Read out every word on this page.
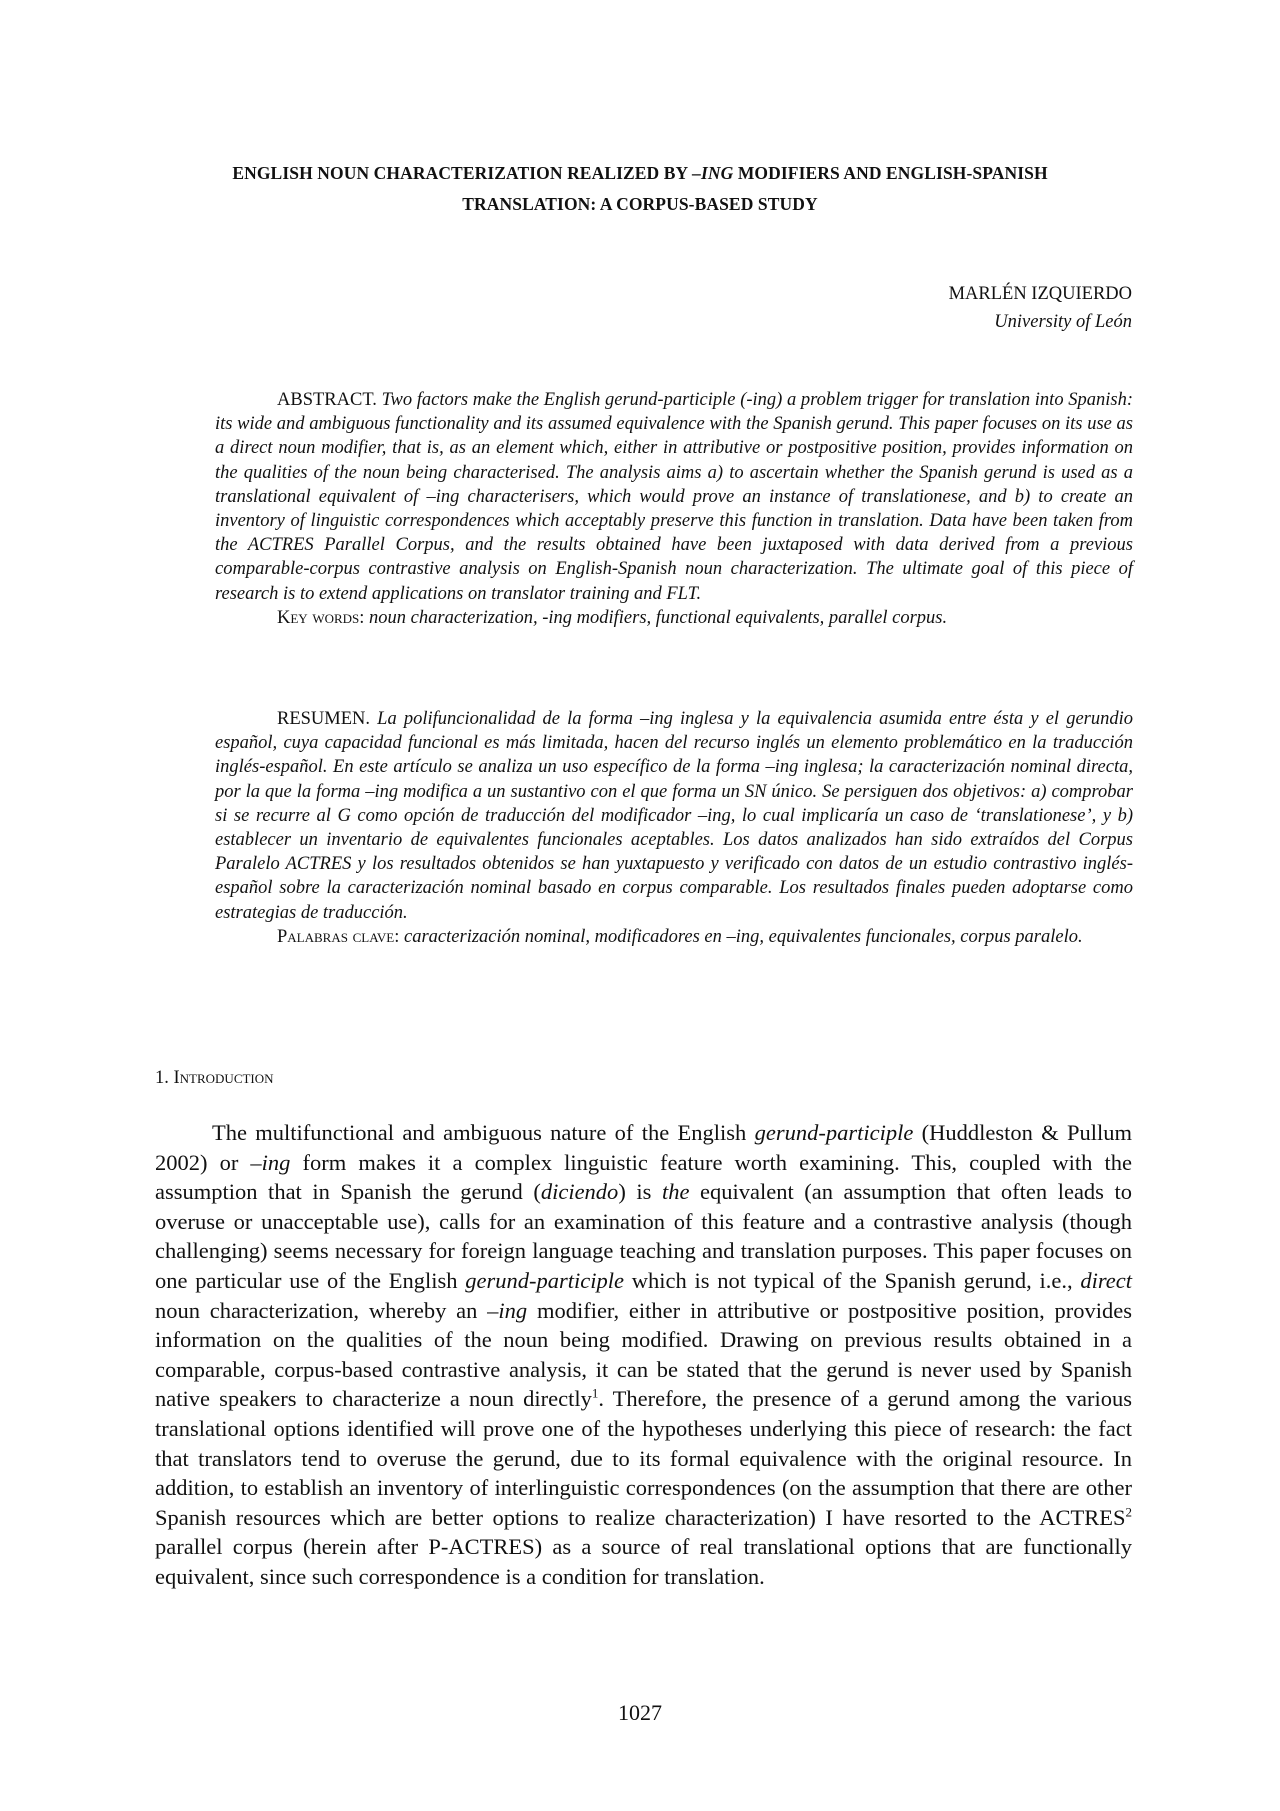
ENGLISH NOUN CHARACTERIZATION REALIZED BY –ING MODIFIERS AND ENGLISH-SPANISH
TRANSLATION: A CORPUS-BASED STUDY
MARLÉN IZQUIERDO
University of León

ABSTRACT. Two factors make the English gerund-participle (-ing) a problem trigger for translation into Spanish: its wide and ambiguous functionality and its assumed equivalence with the Spanish gerund. This paper focuses on its use as a direct noun modifier, that is, as an element which, either in attributive or postpositive position, provides information on the qualities of the noun being characterised. The analysis aims a) to ascertain whether the Spanish gerund is used as a translational equivalent of –ing characterisers, which would prove an instance of translationese, and b) to create an inventory of linguistic correspondences which acceptably preserve this function in translation. Data have been taken from the ACTRES Parallel Corpus, and the results obtained have been juxtaposed with data derived from a previous comparable-corpus contrastive analysis on English-Spanish noun characterization. The ultimate goal of this piece of research is to extend applications on translator training and FLT.

Key words: noun characterization, -ing modifiers, functional equivalents, parallel corpus.

RESUMEN. La polifuncionalidad de la forma –ing inglesa y la equivalencia asumida entre ésta y el gerundio español, cuya capacidad funcional es más limitada, hacen del recurso inglés un elemento problemático en la traducción inglés-español. En este artículo se analiza un uso específico de la forma –ing inglesa; la caracterización nominal directa, por la que la forma –ing modifica a un sustantivo con el que forma un SN único. Se persiguen dos objetivos: a) comprobar si se recurre al G como opción de traducción del modificador –ing, lo cual implicaría un caso de ‘translationese’, y b) establecer un inventario de equivalentes funcionales aceptables. Los datos analizados han sido extraídos del Corpus Paralelo ACTRES y los resultados obtenidos se han yuxtapuesto y verificado con datos de un estudio contrastivo inglés-español sobre la caracterización nominal basado en corpus comparable. Los resultados finales pueden adoptarse como estrategias de traducción.

Palabras clave: caracterización nominal, modificadores en –ing, equivalentes funcionales, corpus paralelo.

1. Introduction

The multifunctional and ambiguous nature of the English gerund-participle (Huddleston & Pullum 2002) or –ing form makes it a complex linguistic feature worth examining. This, coupled with the assumption that in Spanish the gerund (diciendo) is the equivalent (an assumption that often leads to overuse or unacceptable use), calls for an examination of this feature and a contrastive analysis (though challenging) seems necessary for foreign language teaching and translation purposes. This paper focuses on one particular use of the English gerund-participle which is not typical of the Spanish gerund, i.e., direct noun characterization, whereby an –ing modifier, either in attributive or postpositive position, provides information on the qualities of the noun being modified. Drawing on previous results obtained in a comparable, corpus-based contrastive analysis, it can be stated that the gerund is never used by Spanish native speakers to characterize a noun directly$^1$. Therefore, the presence of a gerund among the various translational options identified will prove one of the hypotheses underlying this piece of research: the fact that translators tend to overuse the gerund, due to its formal equivalence with the original resource. In addition, to establish an inventory of interlinguistic correspondences (on the assumption that there are other Spanish resources which are better options to realize characterization) I have resorted to the ACTRES$^2$ parallel corpus (herein after P-ACTRES) as a source of real translational options that are functionally equivalent, since such correspondence is a condition for translation.

1027
